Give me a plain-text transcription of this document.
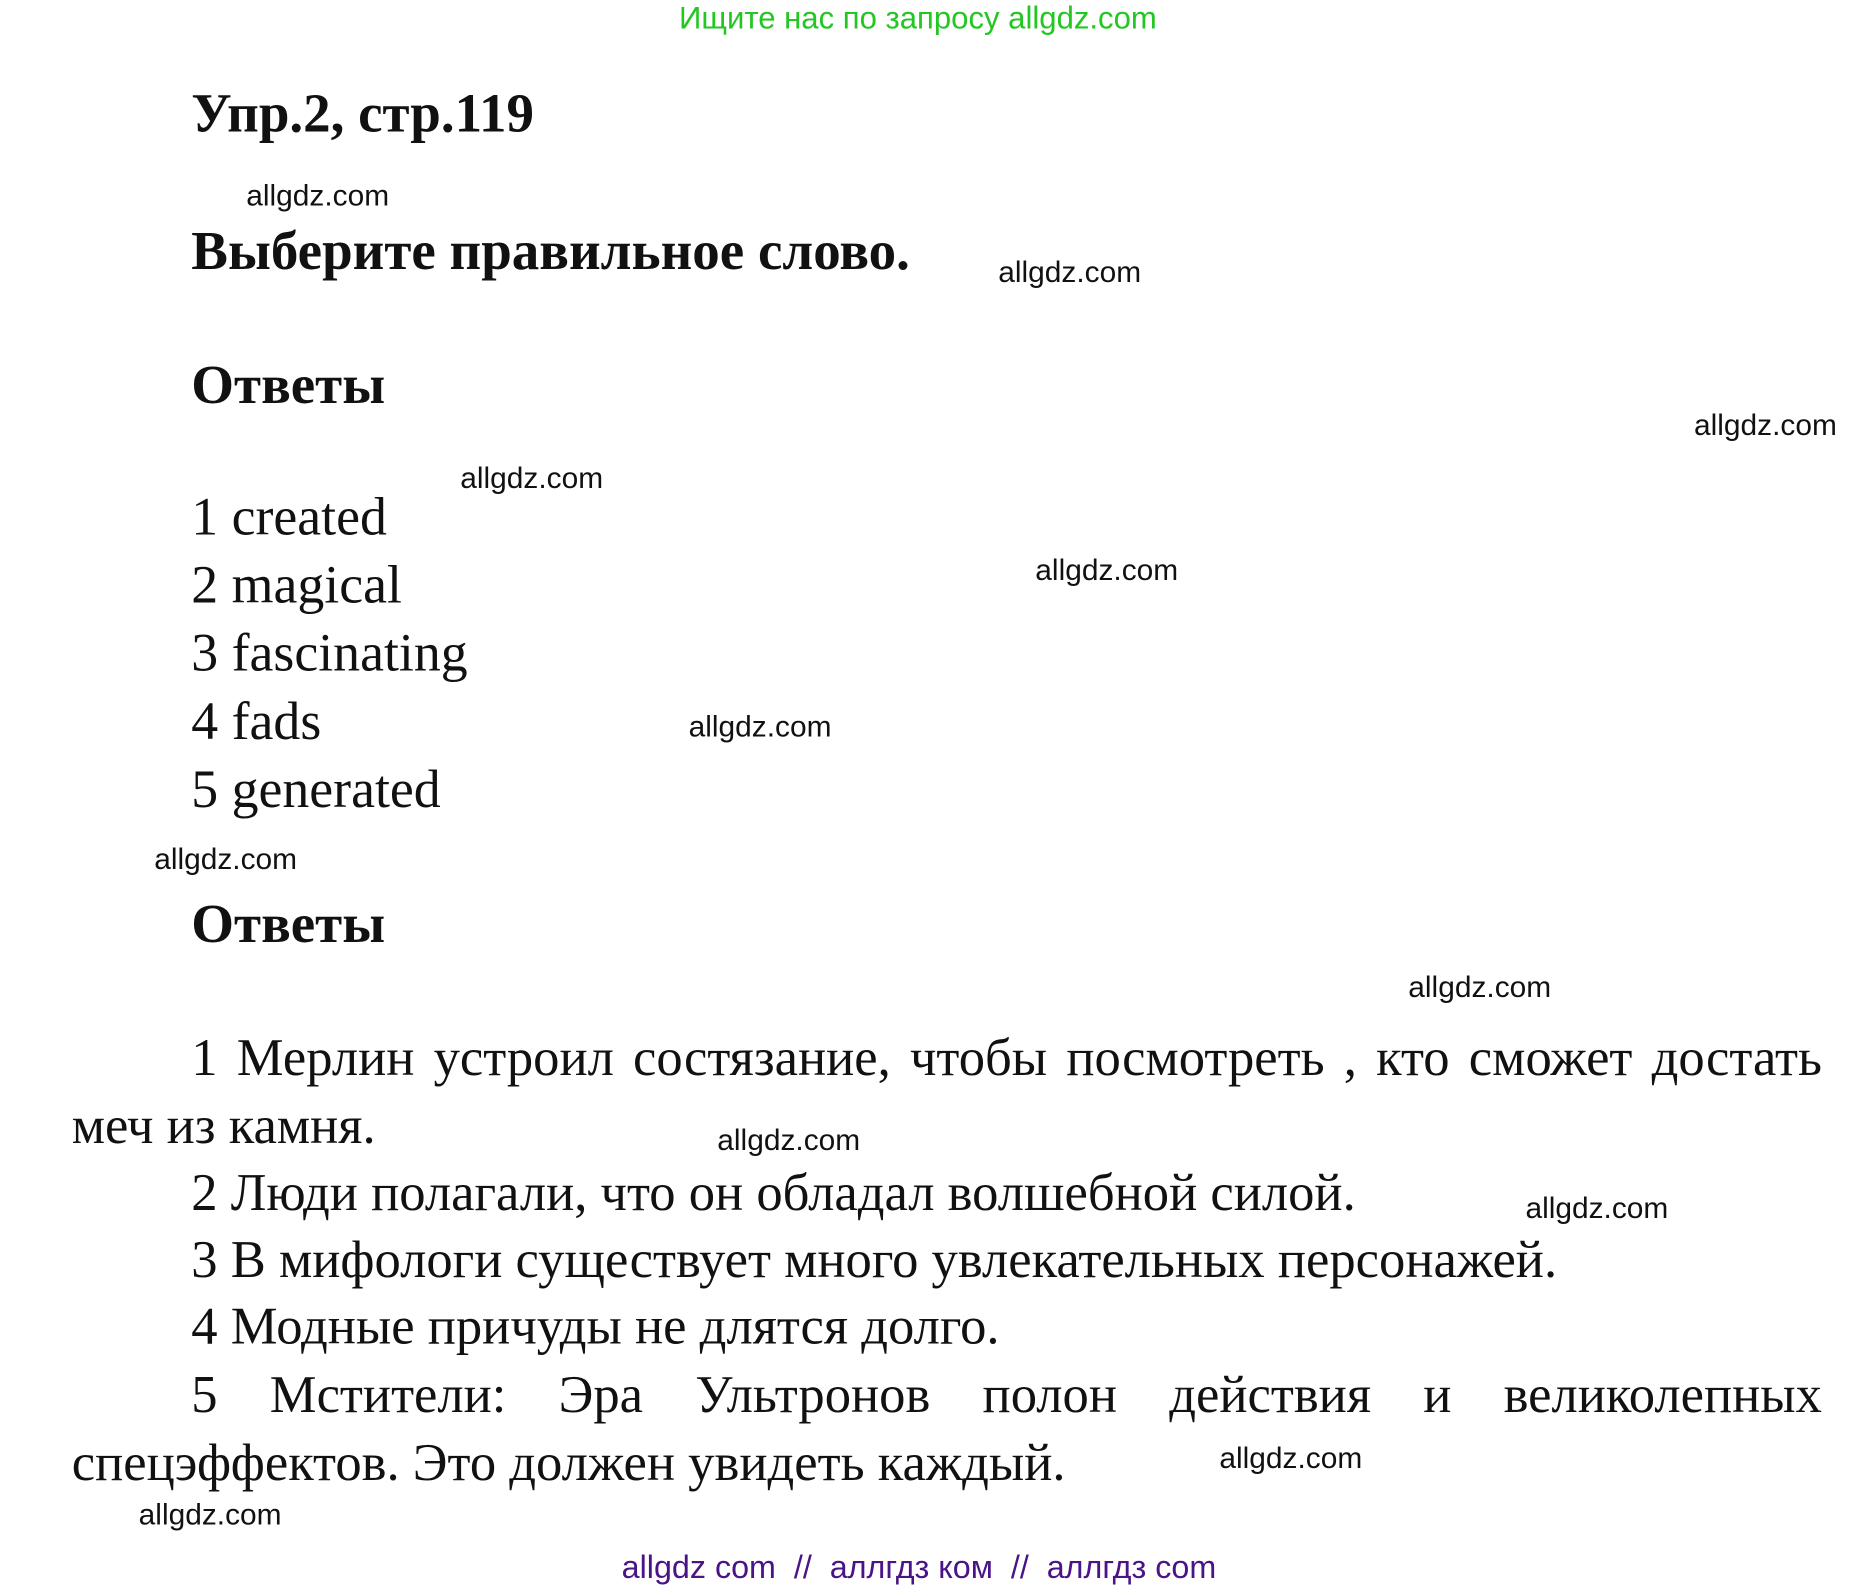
Ищите нас по запросу allgdz.com
Упр.2, стр.119
allgdz.com
Выберите правильное слово.	allgdz.com
Ответы
allgdz.com
allgdz.com
1 created
2 magical
3 fascinating
4 fads
5 generated
allgdz.com
allgdz.com
allgdz.com
Ответы
allgdz.com
1 Мерлин устроил состязание, чтобы посмотреть , кто сможет достать меч из камня.
2 Люди полагали, что он обладал волшебной силой.
3 В мифологи существует много увлекательных персонажей.
4 Модные причуды не длятся долго.
5 Мстители: Эра Ультронов полон действия и великолепных спецэффектов. Это должен увидеть каждый.
allgdz.com
allgdz.com
allgdz.com
allgdz.com
allgdz com  //  аллгдз ком  //  аллгдз com
